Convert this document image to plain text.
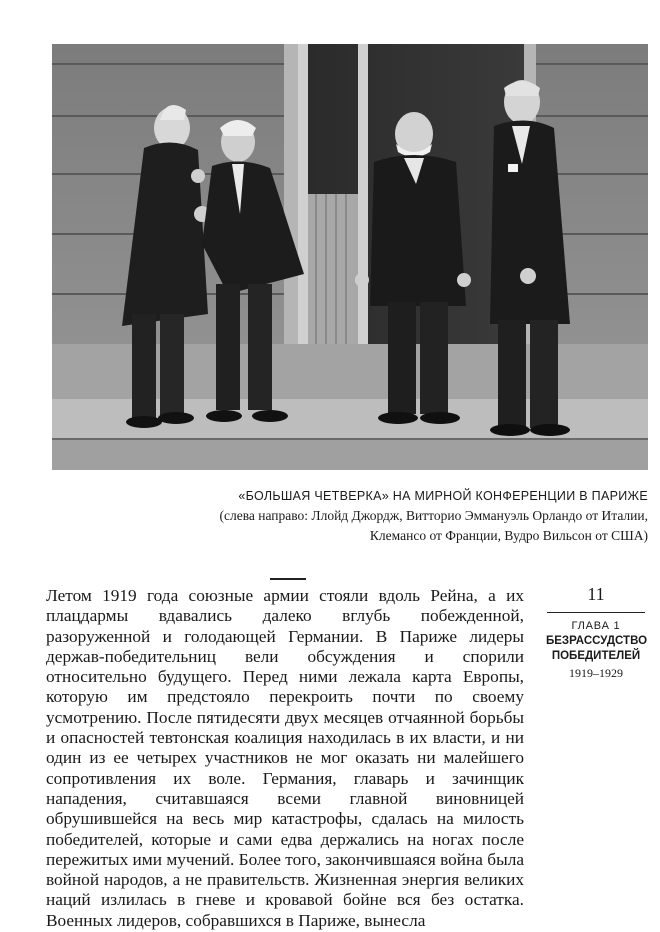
«БОЛЬШАЯ ЧЕТВЕРКА» НА МИРНОЙ КОНФЕРЕНЦИИ В ПАРИЖЕ
(слева направо: Ллойд Джордж, Витторио Эммануэль Орландо от Италии,
Клемансо от Франции, Вудро Вильсон от США)

Летом 1919 года союзные армии стояли вдоль Рейна, а их плацдармы вдавались далеко вглубь побежденной, разоруженной и голодающей Германии. В Париже лидеры держав-победительниц вели обсуждения и спорили относительно будущего. Перед ними лежала карта Европы, которую им предстояло перекроить почти по своему усмотрению. После пятидесяти двух месяцев отчаянной борьбы и опасностей тевтонская коалиция находилась в их власти, и ни один из ее четырех участников не мог оказать ни малейшего сопротивления их воле. Германия, главарь и зачинщик нападения, считавшаяся всеми главной виновницей обрушившейся на весь мир катастрофы, сдалась на милость победителей, которые и сами едва держались на ногах после пережитых ими мучений. Более того, закончившаяся война была войной народов, а не правительств. Жизненная энергия великих наций излилась в гневе и кровавой бойне вся без остатка. Военных лидеров, собравшихся в Париже, вынесла

11
ГЛАВА 1
БЕЗРАССУДСТВО
ПОБЕДИТЕЛЕЙ
1919–1929
